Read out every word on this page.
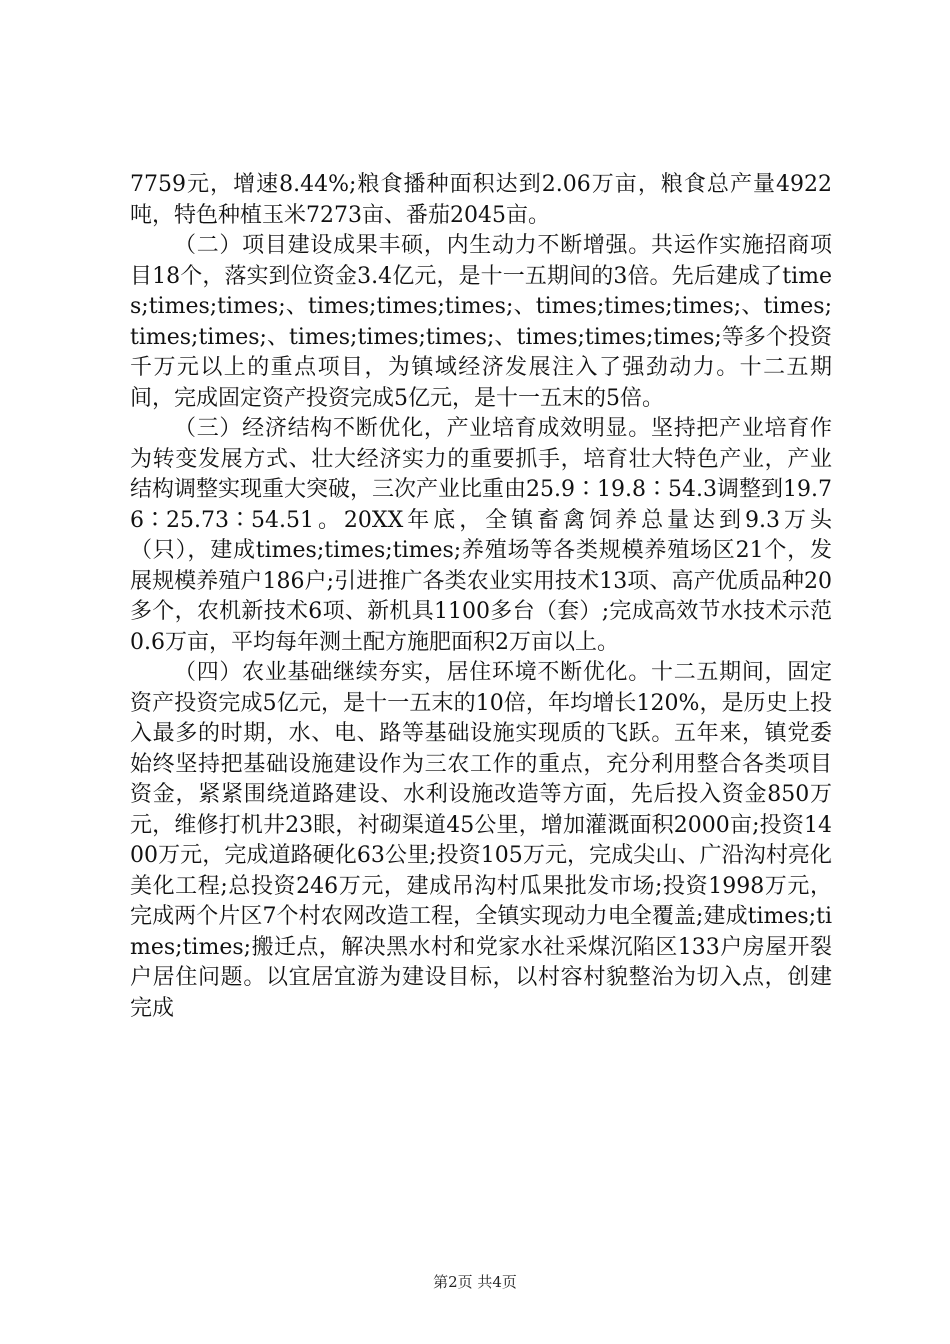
7759元，增速8.44%;粮食播种面积达到2.06万亩，粮食总产量4922吨，特色种植玉米7273亩、番茄2045亩。

（二）项目建设成果丰硕，内生动力不断增强。共运作实施招商项目18个，落实到位资金3.4亿元，是十一五期间的3倍。先后建成了times;times;times;、times;times;times;、times;times;times;、times;times;times;、times;times;times;、times;times;times;等多个投资千万元以上的重点项目，为镇域经济发展注入了强劲动力。十二五期间，完成固定资产投资完成5亿元，是十一五末的5倍。

（三）经济结构不断优化，产业培育成效明显。坚持把产业培育作为转变发展方式、壮大经济实力的重要抓手，培育壮大特色产业，产业结构调整实现重大突破，三次产业比重由25.9∶19.8∶54.3调整到19.76∶25.73∶54.51。20XX年底，全镇畜禽饲养总量达到9.3万头（只），建成times;times;times;养殖场等各类规模养殖场区21个，发展规模养殖户186户;引进推广各类农业实用技术13项、高产优质品种20多个，农机新技术6项、新机具1100多台（套）;完成高效节水技术示范0.6万亩，平均每年测土配方施肥面积2万亩以上。

（四）农业基础继续夯实，居住环境不断优化。十二五期间，固定资产投资完成5亿元，是十一五末的10倍，年均增长120%，是历史上投入最多的时期，水、电、路等基础设施实现质的飞跃。五年来，镇党委始终坚持把基础设施建设作为三农工作的重点，充分利用整合各类项目资金，紧紧围绕道路建设、水利设施改造等方面，先后投入资金850万元，维修打机井23眼，衬砌渠道45公里，增加灌溉面积2000亩;投资1400万元，完成道路硬化63公里;投资105万元，完成尖山、广沿沟村亮化美化工程;总投资246万元，建成吊沟村瓜果批发市场;投资1998万元，完成两个片区7个村农网改造工程，全镇实现动力电全覆盖;建成times;times;times;搬迁点，解决黑水村和党家水社采煤沉陷区133户房屋开裂户居住问题。以宜居宜游为建设目标，以村容村貌整治为切入点，创建完成

第2页 共4页
